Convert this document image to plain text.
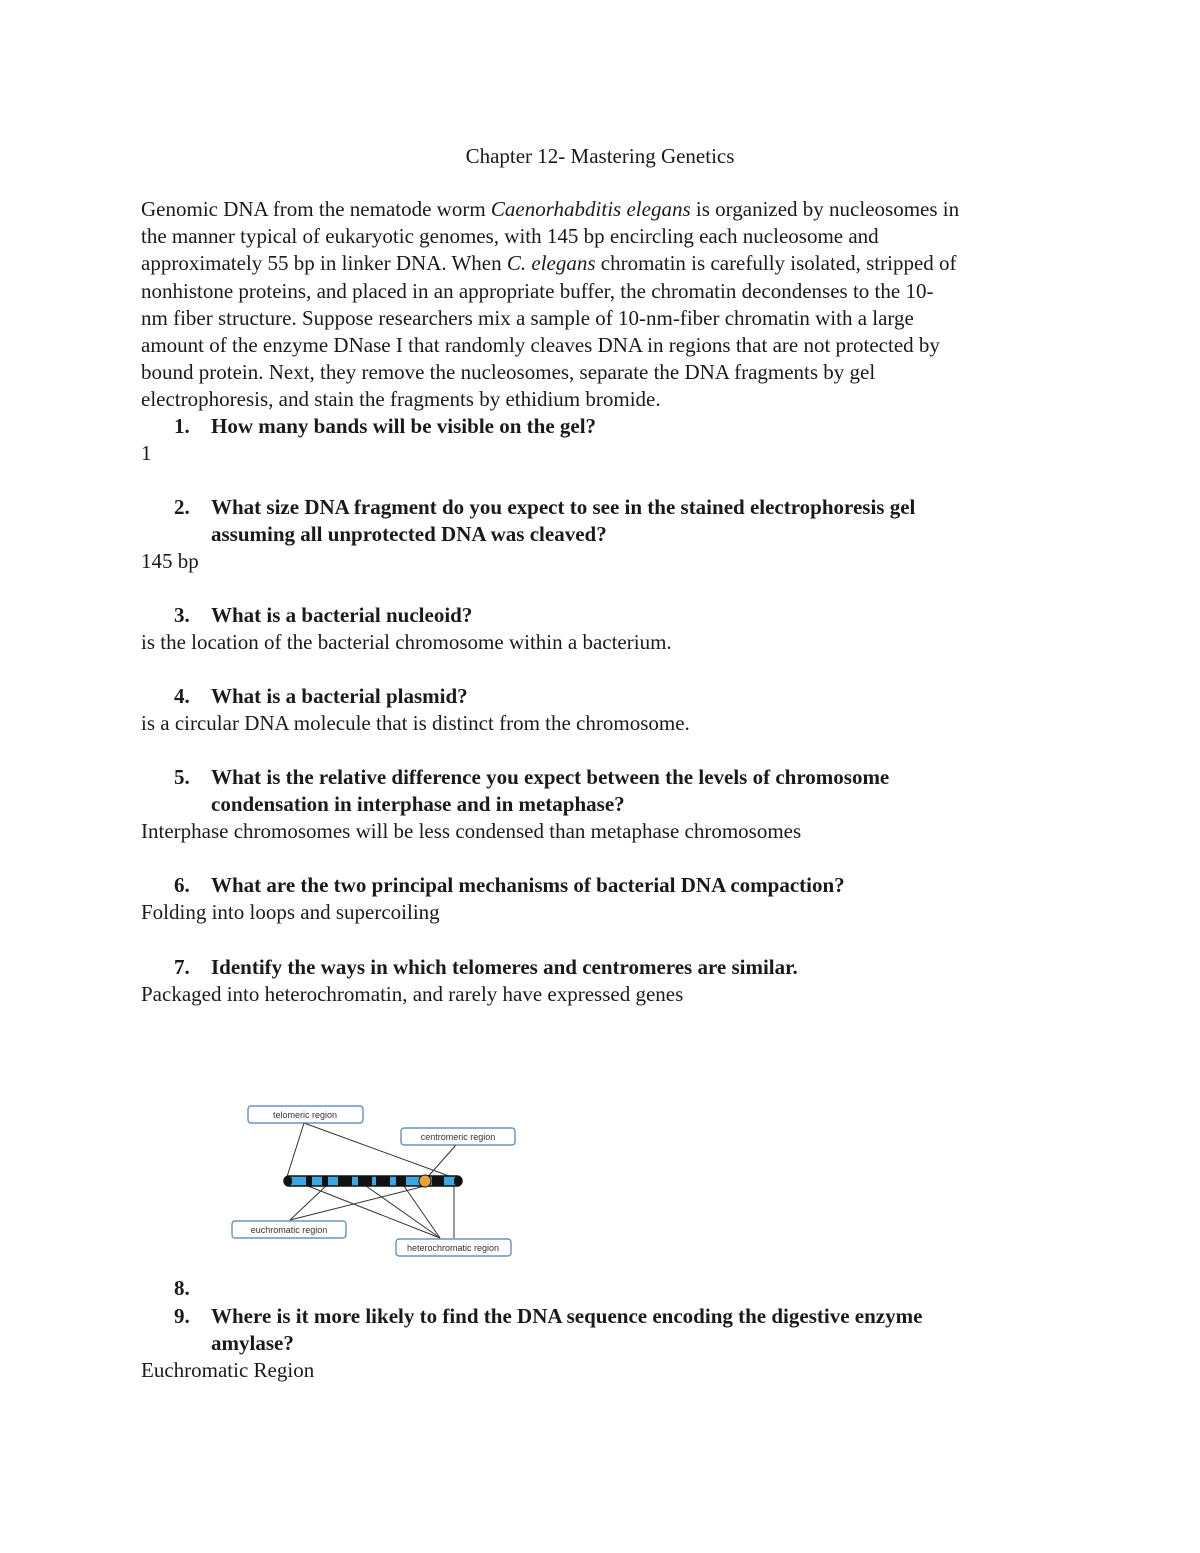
Chapter 12- Mastering Genetics
Genomic DNA from the nematode worm Caenorhabditis elegans is organized by nucleosomes in
the manner typical of eukaryotic genomes, with 145 bp encircling each nucleosome and
approximately 55 bp in linker DNA. When C. elegans chromatin is carefully isolated, stripped of
nonhistone proteins, and placed in an appropriate buffer, the chromatin decondenses to the 10-
nm fiber structure. Suppose researchers mix a sample of 10-nm-fiber chromatin with a large
amount of the enzyme DNase I that randomly cleaves DNA in regions that are not protected by
bound protein. Next, they remove the nucleosomes, separate the DNA fragments by gel
electrophoresis, and stain the fragments by ethidium bromide.
1. How many bands will be visible on the gel?
1
2. What size DNA fragment do you expect to see in the stained electrophoresis gel
assuming all unprotected DNA was cleaved?
145 bp
3. What is a bacterial nucleoid?
is the location of the bacterial chromosome within a bacterium.
4. What is a bacterial plasmid?
is a circular DNA molecule that is distinct from the chromosome.
5. What is the relative difference you expect between the levels of chromosome
condensation in interphase and in metaphase?
Interphase chromosomes will be less condensed than metaphase chromosomes
6. What are the two principal mechanisms of bacterial DNA compaction?
Folding into loops and supercoiling
7. Identify the ways in which telomeres and centromeres are similar.
Packaged into heterochromatin, and rarely have expressed genes
telomeric region
centromeric region
euchromatic region
heterochromatic region
8.
9. Where is it more likely to find the DNA sequence encoding the digestive enzyme
amylase?
Euchromatic Region
